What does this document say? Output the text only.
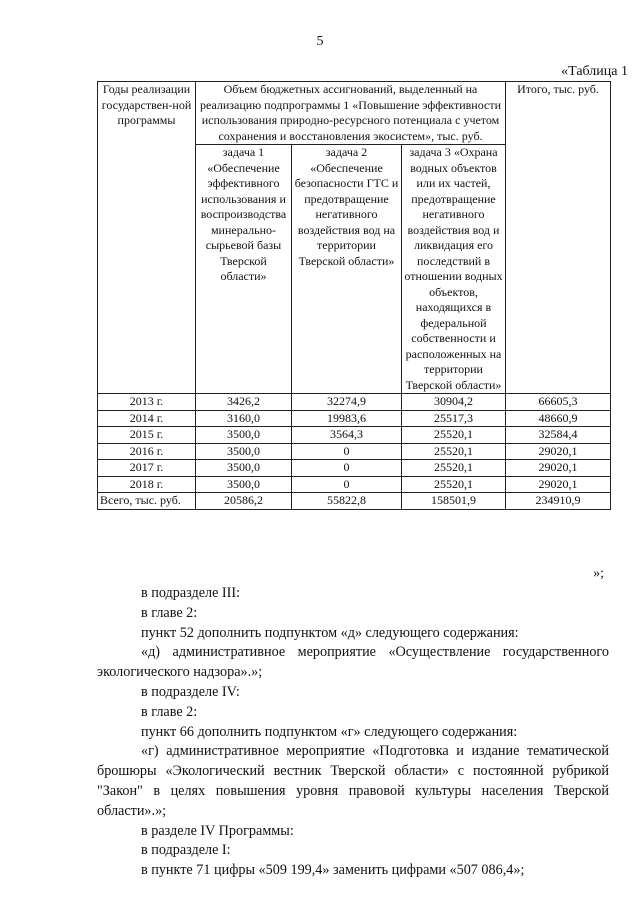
5
«Таблица 1
Годы реализации государствен-ной программы	Объем бюджетных ассигнований, выделенный на реализацию подпрограммы 1 «Повышение эффективности использования природно-ресурсного потенциала с учетом сохранения и восстановления экосистем», тыс. руб.			Итого, тыс. руб.
	задача 1 «Обеспечение эффективного использования и воспроизводства минерально-сырьевой базы Тверской области»	задача 2 «Обеспечение безопасности ГТС и предотвращение негативного воздействия вод на территории Тверской области»	задача 3 «Охрана водных объектов или их частей, предотвращение негативного воздействия вод и ликвидация его последствий в отношении водных объектов, находящихся в федеральной собственности и расположенных на территории Тверской области»	
2013 г.	3426,2	32274,9	30904,2	66605,3
2014 г.	3160,0	19983,6	25517,3	48660,9
2015 г.	3500,0	3564,3	25520,1	32584,4
2016 г.	3500,0	0	25520,1	29020,1
2017 г.	3500,0	0	25520,1	29020,1
2018 г.	3500,0	0	25520,1	29020,1
Всего, тыс. руб.	20586,2	55822,8	158501,9	234910,9
»;

в подразделе III:

в главе 2:

пункт 52 дополнить подпунктом «д» следующего содержания:

«д) административное мероприятие «Осуществление государственного экологического надзора».»;

в подразделе IV:

в главе 2:

пункт 66 дополнить подпунктом «г» следующего содержания:

«г) административное мероприятие «Подготовка и издание тематической брошюры «Экологический вестник Тверской области» с постоянной рубрикой "Закон" в целях повышения уровня правовой культуры населения Тверской области».»;

в разделе IV Программы:

в подразделе I:

в пункте 71 цифры «509 199,4» заменить цифрами «507 086,4»;
